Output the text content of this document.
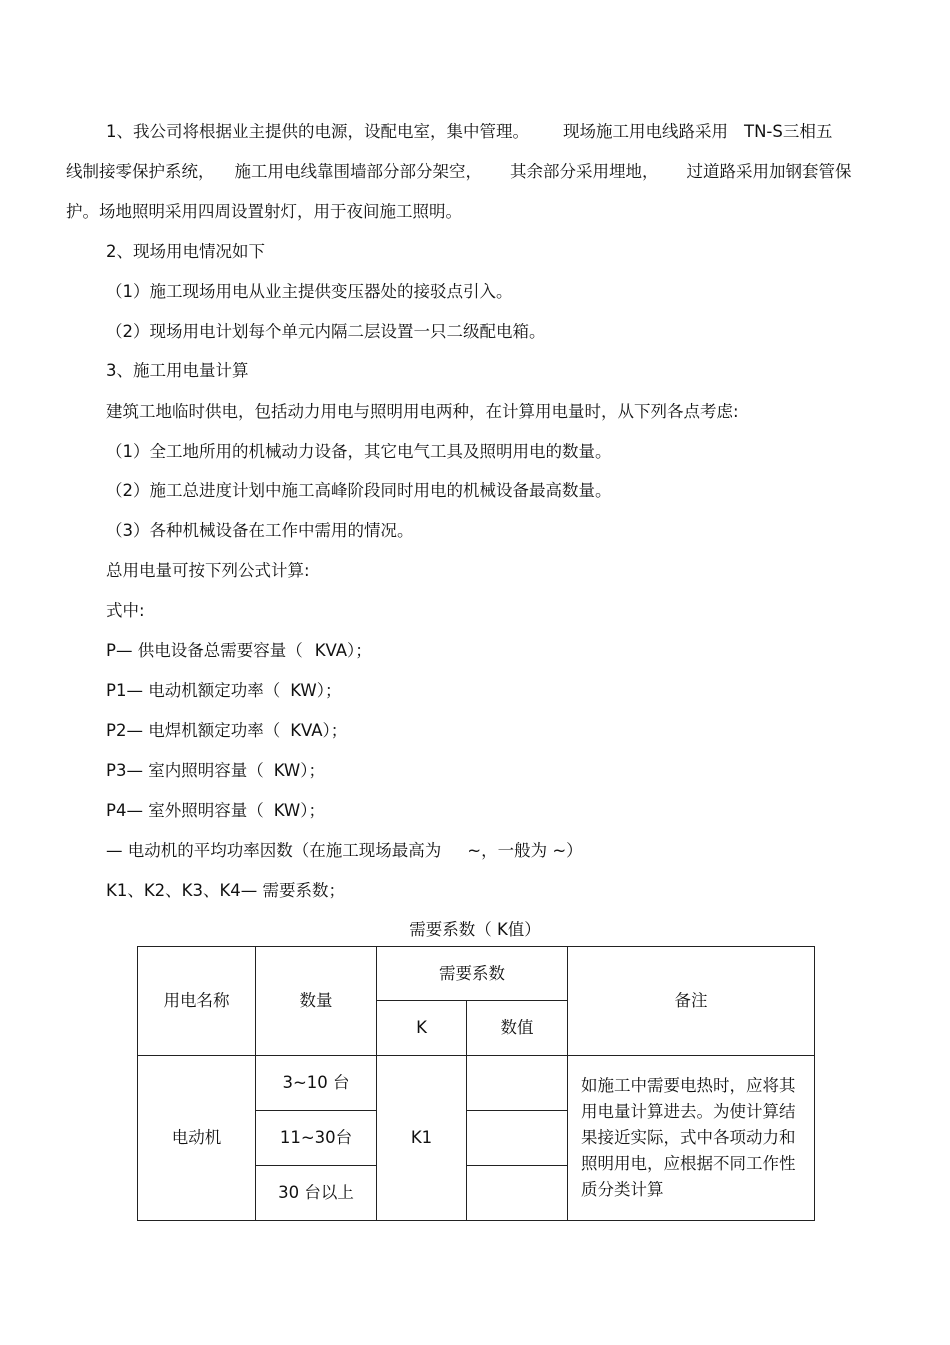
1、我公司将根据业主提供的电源，设配电室，集中管理。 现场施工用电线路采用 TN-S三相五
线制接零保护系统， 施工用电线靠围墙部分部分架空， 其余部分采用埋地， 过道路采用加钢套管保
护。场地照明采用四周设置射灯，用于夜间施工照明。
2、现场用电情况如下
（1）施工现场用电从业主提供变压器处的接驳点引入。
（2）现场用电计划每个单元内隔二层设置一只二级配电箱。
3、施工用电量计算
建筑工地临时供电，包括动力用电与照明用电两种，在计算用电量时，从下列各点考虑:
（1）全工地所用的机械动力设备，其它电气工具及照明用电的数量。
（2）施工总进度计划中施工高峰阶段同时用电的机械设备最高数量。
（3）各种机械设备在工作中需用的情况。
总用电量可按下列公式计算:
式中:
P— 供电设备总需要容量（ KVA）；
P1— 电动机额定功率（ KW）；
P2— 电焊机额定功率（ KVA）；
P3— 室内照明容量（ KW）；
P4— 室外照明容量（ KW）；
— 电动机的平均功率因数（在施工现场最高为 ~，一般为 ~）
K1、K2、K3、K4— 需要系数；
需要系数（ K值）
用电名称	数量	需要系数		备注
		K	数值	
电动机	3~10 台	K1		如施工中需要电热时，应将其用电量计算进去。为使计算结果接近实际，式中各项动力和照明用电，应根据不同工作性质分类计算
	11~30台			
	30 台以上			
